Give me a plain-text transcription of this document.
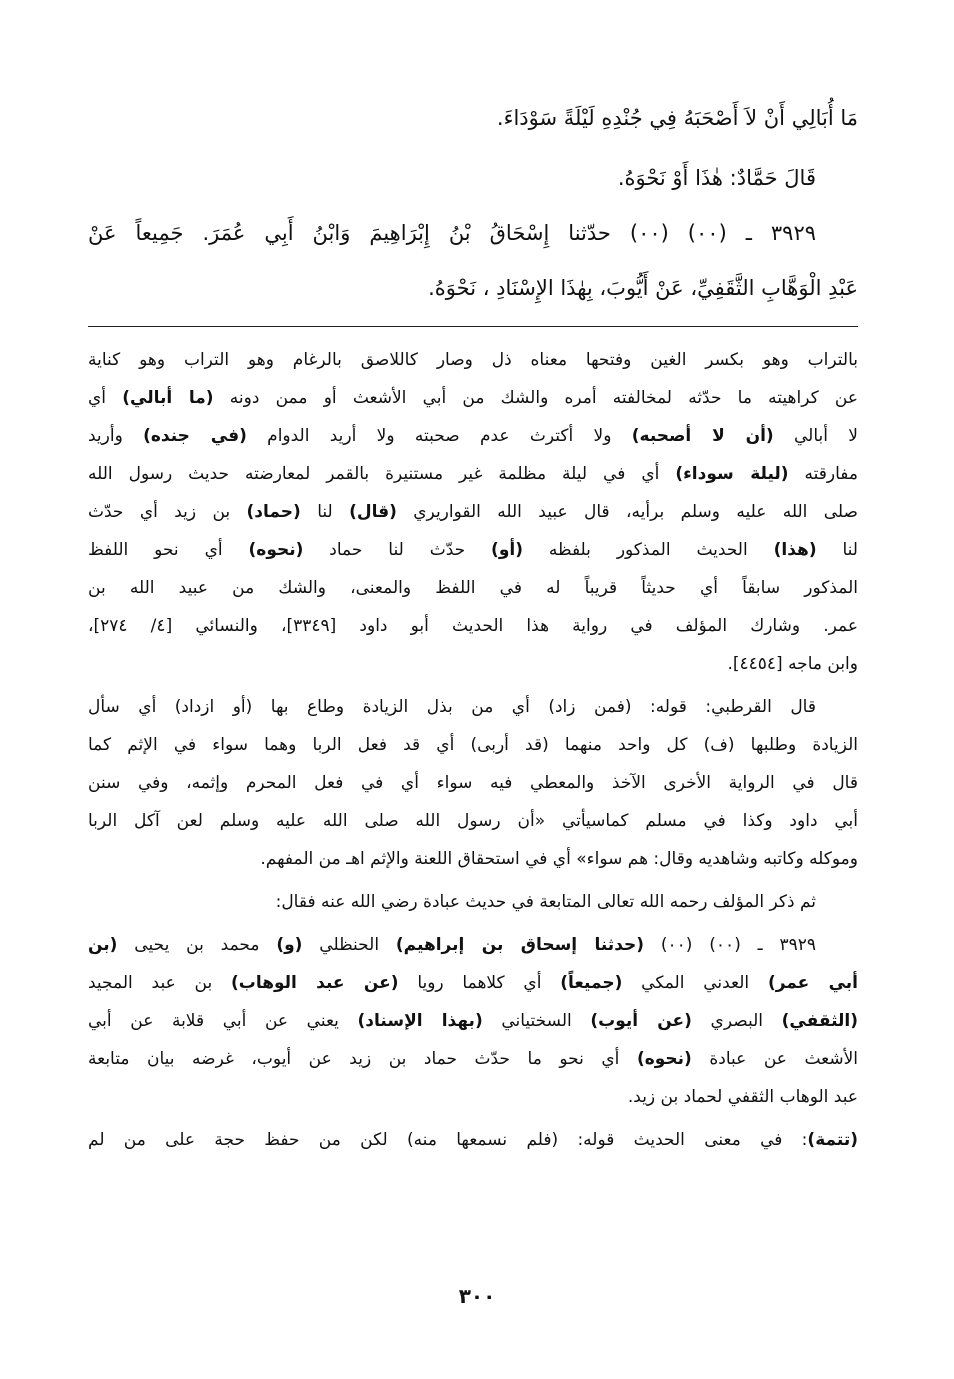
مَا أُبَالِي أَنْ لاَ أَصْحَبَهُ فِي جُنْدِهِ لَيْلَةً سَوْدَاءَ.
قَالَ حَمَّادٌ: هٰذَا أَوْ نَحْوَهُ.
٣٩٢٩ ـ (٠٠) (٠٠) حدّثنا إِسْحَاقُ بْنُ إِبْرَاهِيمَ وَابْنُ أَبِي عُمَرَ. جَمِيعاً عَنْ
عَبْدِ الْوَهَّابِ الثَّقَفِيِّ، عَنْ أَيُّوبَ، بِهٰذَا الإِسْنَادِ ، نَحْوَهُ.
بالتراب وهو بكسر الغين وفتحها معناه ذل وصار كاللاصق بالرغام وهو التراب وهو كناية
عن كراهيته ما حدّثه لمخالفته أمره والشك من أبي الأشعث أو ممن دونه (ما أبالي) أي
لا أبالي (أن لا أصحبه) ولا أكترث عدم صحبته ولا أريد الدوام (في جنده) وأريد
مفارقته (ليلة سوداء) أي في ليلة مظلمة غير مستنيرة بالقمر لمعارضته حديث رسول الله
صلى الله عليه وسلم برأيه، قال عبيد الله القواريري (قال) لنا (حماد) بن زيد أي حدّث
لنا (هذا) الحديث المذكور بلفظه (أو) حدّث لنا حماد (نحوه) أي نحو اللفظ
المذكور سابقاً أي حديثاً قريباً له في اللفظ والمعنى، والشك من عبيد الله بن
عمر. وشارك المؤلف في رواية هذا الحديث أبو داود [٣٣٤٩]، والنسائي [٤/ ٢٧٤]،
وابن ماجه [٤٤٥٤].
قال القرطبي: قوله: (فمن زاد) أي من بذل الزيادة وطاع بها (أو ازداد) أي سأل
الزيادة وطلبها (ف) كل واحد منهما (قد أربى) أي قد فعل الربا وهما سواء في الإثم كما
قال في الرواية الأخرى الآخذ والمعطي فيه سواء أي في فعل المحرم وإثمه، وفي سنن
أبي داود وكذا في مسلم كماسيأتي «أن رسول الله صلى الله عليه وسلم لعن آكل الربا
وموكله وكاتبه وشاهديه وقال: هم سواء» أي في استحقاق اللعنة والإثم اهـ من المفهم.
ثم ذكر المؤلف رحمه الله تعالى المتابعة في حديث عبادة رضي الله عنه فقال:
٣٩٢٩ ـ (٠٠) (٠٠) (حدثنا إسحاق بن إبراهيم) الحنظلي (و) محمد بن يحيى (بن
أبي عمر) العدني المكي (جميعاً) أي كلاهما رويا (عن عبد الوهاب) بن عبد المجيد
(الثقفي) البصري (عن أيوب) السختياني (بهذا الإسناد) يعني عن أبي قلابة عن أبي
الأشعث عن عبادة (نحوه) أي نحو ما حدّث حماد بن زيد عن أيوب، غرضه بيان متابعة
عبد الوهاب الثقفي لحماد بن زيد.
(تتمة): في معنى الحديث قوله: (فلم نسمعها منه) لكن من حفظ حجة على من لم
٣٠٠
